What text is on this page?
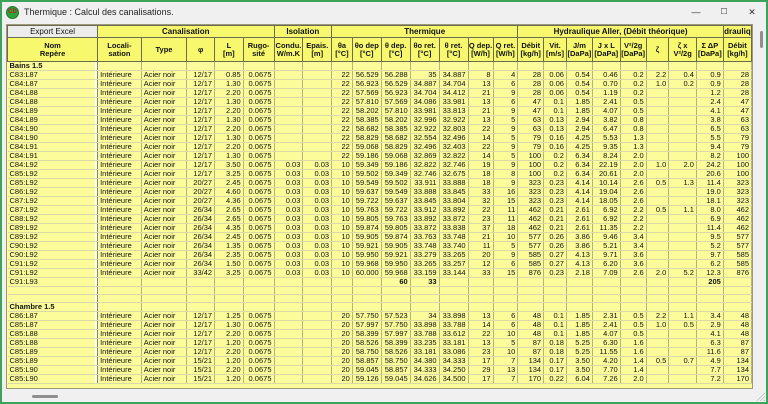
CD Thermique : Calcul des canalisations.	—	☐ ✕
Export Excel	Canalisation					Isolation		Thermique							Hydraulique Aller, (Débit théorique)								drauliq
Nom
Repère	Locali-
sation	Type	φ	L
[m]	Rugo-
sité	Condu.
W/m.K	Epais.
[m]	θa
[°C]	θo dep
[°C]	θ dep.
[°C]	θo ret.
[°C]	θ ret.
[°C]	Q dep.
[W/h]	Q ret.
[W/h]	Débit
[kg/h]	Vit.
[m/s]	J/m
[DaPa]	J x L
[DaPa]	V²/2g
[DaPa]	ζ	ζ x
V²/2g	Σ ΔP
[DaPa]	Débit
[kg/h]
Bains 1.5																							
C83:L87	Intérieure	Acier noir	12/17	0.85	0.0675			22	56.529	56.288	35	34.887	8	4	28	0.06	0.54	0.46	0.2	2.2	0.4	0.9	28
C84:L87	Intérieure	Acier noir	12/17	1.30	0.0675			22	56.923	56.529	34.887	34.704	13	6	28	0.06	0.54	0.70	0.2	1.0	0.2	0.9	28
C84:L88	Intérieure	Acier noir	12/17	2.20	0.0675			22	57.569	56.923	34.704	34.412	21	9	28	0.06	0.54	1.19	0.2			1.2	28
C84:L88	Intérieure	Acier noir	12/17	1.30	0.0675			22	57.810	57.569	34.086	33.981	13	6	47	0.1	1.85	2.41	0.5			2.4	47
C84:L89	Intérieure	Acier noir	12/17	2.20	0.0675			22	58.202	57.810	33.981	33.813	21	9	47	0.1	1.85	4.07	0.5			4.1	47
C84:L89	Intérieure	Acier noir	12/17	1.30	0.0675			22	58.385	58.202	32.996	32.922	13	5	63	0.13	2.94	3.82	0.8			3.8	63
C84:L90	Intérieure	Acier noir	12/17	2.20	0.0675			22	58.682	58.385	32.922	32.803	22	9	63	0.13	2.94	6.47	0.8			6.5	63
C84:L90	Intérieure	Acier noir	12/17	1.30	0.0675			22	58.829	58.682	32.554	32.496	14	5	79	0.16	4.25	5.53	1.3			5.5	79
C84:L91	Intérieure	Acier noir	12/17	2.20	0.0675			22	59.068	58.829	32.496	32.403	22	9	79	0.16	4.25	9.35	1.3			9.4	79
C84:L91	Intérieure	Acier noir	12/17	1.30	0.0675			22	59.186	59.068	32.869	32.822	14	5	100	0.2	6.34	8.24	2.0			8.2	100
C84:L92	Intérieure	Acier noir	12/17	3.50	0.0675	0.03	0.03	10	59.349	59.186	32.822	32.746	19	9	100	0.2	6.34	22.19	2.0	1.0	2.0	24.2	100
C85:L92	Intérieure	Acier noir	12/17	3.25	0.0675	0.03	0.03	10	59.502	59.349	32.746	32.675	18	8	100	0.2	6.34	20.61	2.0			20.6	100
C85:L92	Intérieure	Acier noir	20/27	2.45	0.0675	0.03	0.03	10	59.549	59.502	33.911	33.888	18	9	323	0.23	4.14	10.14	2.6	0.5	1.3	11.4	323
C86:L92	Intérieure	Acier noir	20/27	4.60	0.0675	0.03	0.03	10	59.637	59.549	33.888	33.845	33	16	323	0.23	4.14	19.04	2.6			19.0	323
C87:L92	Intérieure	Acier noir	20/27	4.36	0.0675	0.03	0.03	10	59.722	59.637	33.845	33.804	32	15	323	0.23	4.14	18.05	2.6			18.1	323
C87:L92	Intérieure	Acier noir	26/34	2.65	0.0675	0.03	0.03	10	59.763	59.722	33.912	33.892	22	11	462	0.21	2.61	6.92	2.2	0.5	1.1	8.0	462
C88:L92	Intérieure	Acier noir	26/34	2.65	0.0675	0.03	0.03	10	59.805	59.763	33.892	33.872	23	11	462	0.21	2.61	6.92	2.2			6.9	462
C89:L92	Intérieure	Acier noir	26/34	4.35	0.0675	0.03	0.03	10	59.874	59.805	33.872	33.838	37	18	462	0.21	2.61	11.35	2.2			11.4	462
C89:L92	Intérieure	Acier noir	26/34	2.45	0.0675	0.03	0.03	10	59.905	59.874	33.763	33.748	21	10	577	0.26	3.86	9.46	3.4			9.5	577
C90:L92	Intérieure	Acier noir	26/34	1.35	0.0675	0.03	0.03	10	59.921	59.905	33.748	33.740	11	5	577	0.26	3.86	5.21	3.4			5.2	577
C90:L92	Intérieure	Acier noir	26/34	2.35	0.0675	0.03	0.03	10	59.950	59.921	33.279	33.265	20	9	585	0.27	4.13	9.71	3.6			9.7	585
C91:L92	Intérieure	Acier noir	26/34	1.50	0.0675	0.03	0.03	10	59.968	59.950	33.265	33.257	12	6	585	0.27	4.13	6.20	3.6			6.2	585
C91:L92	Intérieure	Acier noir	33/42	3.25	0.0675	0.03	0.03	10	60.000	59.968	33.159	33.144	33	15	876	0.23	2.18	7.09	2.6	2.0	5.2	12.3	876
C91:L93										60	33											205	

Chambre 1.5																							
C86:L87	Intérieure	Acier noir	12/17	1.25	0.0675			20	57.750	57.523	34	33.898	13	6	48	0.1	1.85	2.31	0.5	2.2	1.1	3.4	48
C85:L87	Intérieure	Acier noir	12/17	1.30	0.0675			20	57.997	57.750	33.898	33.788	14	6	48	0.1	1.85	2.41	0.5	1.0	0.5	2.9	48
C85:L88	Intérieure	Acier noir	12/17	2.20	0.0675			20	58.399	57.997	33.788	33.612	22	10	48	0.1	1.85	4.07	0.5			4.1	48
C85:L88	Intérieure	Acier noir	12/17	1.20	0.0675			20	58.526	58.399	33.235	33.181	13	5	87	0.18	5.25	6.30	1.6			6.3	87
C85:L89	Intérieure	Acier noir	12/17	2.20	0.0675			20	58.750	58.526	33.181	33.086	23	10	87	0.18	5.25	11.55	1.6			11.6	87
C85:L89	Intérieure	Acier noir	15/21	1.20	0.0675			20	58.857	58.750	34.380	34.333	17	7	134	0.17	3.50	4.20	1.4	0.5	0.7	4.9	134
C85:L90	Intérieure	Acier noir	15/21	2.20	0.0675			20	59.045	58.857	34.333	34.250	29	13	134	0.17	3.50	7.70	1.4			7.7	134
C85:L90	Intérieure	Acier noir	15/21	1.20	0.0675			20	59.126	59.045	34.626	34.500	17	7	170	0.22	6.04	7.26	2.0			7.2	170
